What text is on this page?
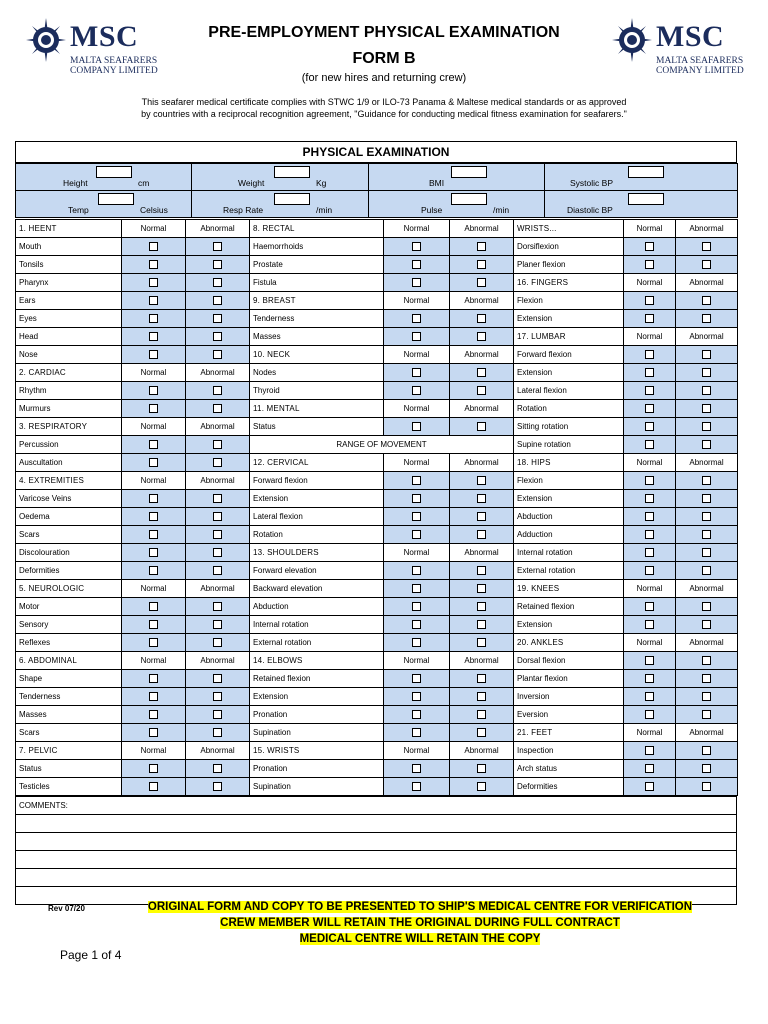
MSC
MALTA SEAFARERS
COMPANY LIMITED
MSC
MALTA SEAFARERS
COMPANY LIMITED
PRE-EMPLOYMENT PHYSICAL EXAMINATION
FORM B
(for new hires and returning crew)
This seafarer medical certificate complies with STWC 1/9 or ILO-73 Panama & Maltese medical standards or as approved by countries with a reciprocal recognition agreement, "Guidance for conducting medical fitness examination for seafarers."
PHYSICAL EXAMINATION
Height cm	Weight Kg	BMI	Systolic BP

Temp Celsius	Resp Rate /min	Pulse /min	Diastolic BP
1. HEENT	Normal	Abnormal	8. RECTAL	Normal	Abnormal	WRISTS...	Normal	Abnormal
Mouth			Haemorrhoids			Dorsiflexion		
Tonsils			Prostate			Planer flexion		
Pharynx			Fistula			16. FINGERS	Normal	Abnormal
Ears			9. BREAST	Normal	Abnormal	Flexion		
Eyes			Tenderness			Extension		
Head			Masses			17. LUMBAR	Normal	Abnormal
Nose			10. NECK	Normal	Abnormal	Forward flexion		
2. CARDIAC	Normal	Abnormal	Nodes			Extension		
Rhythm			Thyroid			Lateral flexion		
Murmurs			11. MENTAL	Normal	Abnormal	Rotation		
3. RESPIRATORY	Normal	Abnormal	Status			Sitting rotation		
Percussion			RANGE OF MOVEMENT			Supine rotation		
Auscultation			12. CERVICAL	Normal	Abnormal	18. HIPS	Normal	Abnormal
4. EXTREMITIES	Normal	Abnormal	Forward flexion			Flexion		
Varicose Veins			Extension			Extension		
Oedema			Lateral flexion			Abduction		
Scars			Rotation			Adduction		
Discolouration			13. SHOULDERS	Normal	Abnormal	Internal rotation		
Deformities			Forward elevation			External rotation		
5. NEUROLOGIC	Normal	Abnormal	Backward elevation			19. KNEES	Normal	Abnormal
Motor			Abduction			Retained flexion		
Sensory			Internal rotation			Extension		
Reflexes			External rotation			20. ANKLES	Normal	Abnormal
6. ABDOMINAL	Normal	Abnormal	14. ELBOWS	Normal	Abnormal	Dorsal flexion		
Shape			Retained flexion			Plantar flexion		
Tenderness			Extension			Inversion		
Masses			Pronation			Eversion		
Scars			Supination			21. FEET	Normal	Abnormal
7. PELVIC	Normal	Abnormal	15. WRISTS	Normal	Abnormal	Inspection		
Status			Pronation			Arch status		
Testicles			Supination			Deformities		
COMMENTS:

Rev 07/20	ORIGINAL FORM AND COPY TO BE PRESENTED TO SHIP'S MEDICAL CENTRE FOR VERIFICATION
CREW MEMBER WILL RETAIN THE ORIGINAL DURING FULL CONTRACT
MEDICAL CENTRE WILL RETAIN THE COPY
Page 1 of 4
